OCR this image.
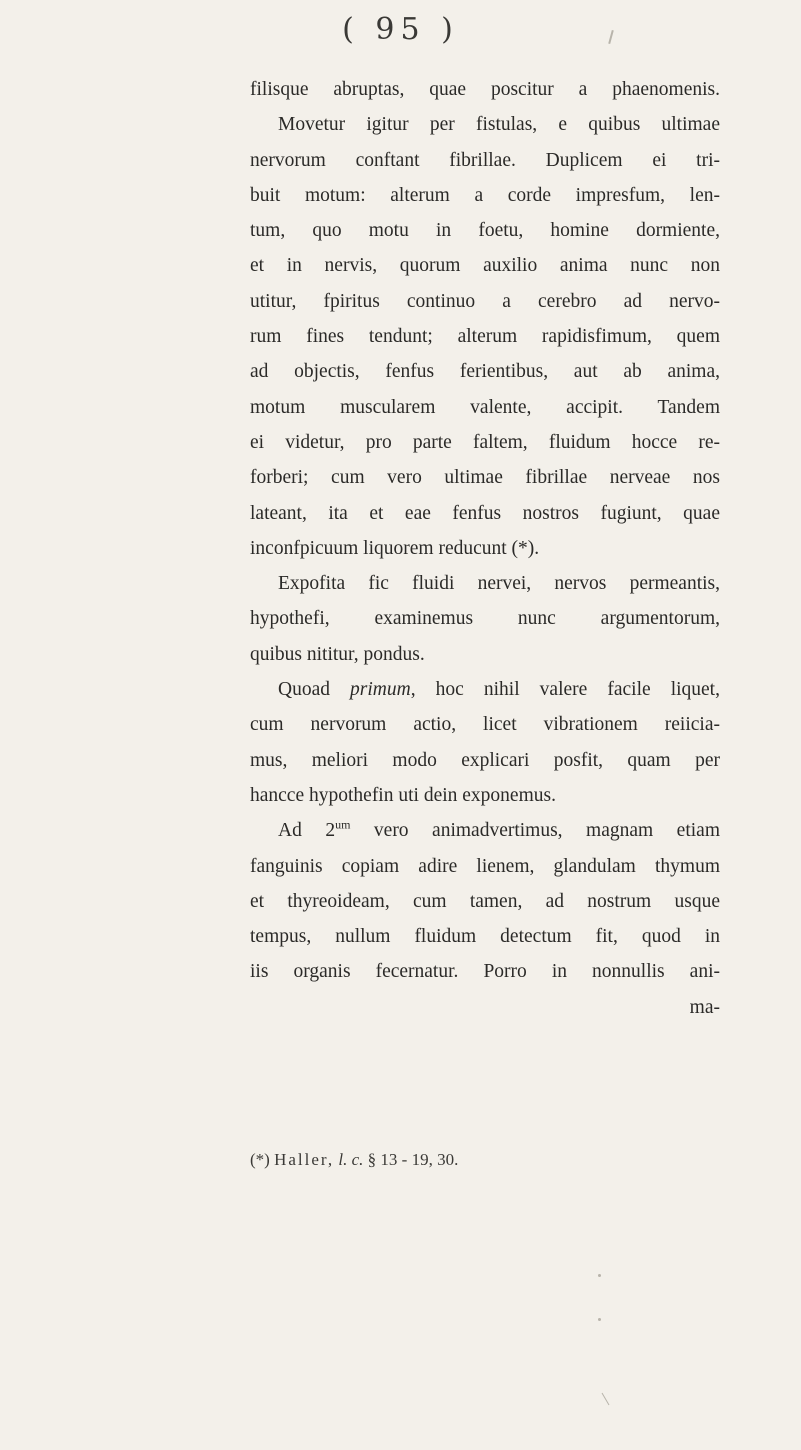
( 95 )
filisque abruptas, quae poscitur a phaenomenis.
Movetur igitur per fistulas, e quibus ultimae
nervorum conftant fibrillae. Duplicem ei tri-
buit motum: alterum a corde impresfum, len-
tum, quo motu in foetu, homine dormiente,
et in nervis, quorum auxilio anima nunc non
utitur, fpiritus continuo a cerebro ad nervo-
rum fines tendunt; alterum rapidisfimum, quem
ad objectis, fenfus ferientibus, aut ab anima,
motum muscularem valente, accipit. Tandem
ei videtur, pro parte faltem, fluidum hocce re-
forberi; cum vero ultimae fibrillae nerveae nos
lateant, ita et eae fenfus nostros fugiunt, quae
inconfpicuum liquorem reducunt (*).
Expofita fic fluidi nervei, nervos permeantis,
hypothefi, examinemus nunc argumentorum,
quibus nititur, pondus.
Quoad primum, hoc nihil valere facile liquet,
cum nervorum actio, licet vibrationem reiicia-
mus, meliori modo explicari posfit, quam per
hancce hypothefin uti dein exponemus.
Ad $2^{um}$ vero animadvertimus, magnam etiam
fanguinis copiam adire lienem, glandulam thymum
et thyreoideam, cum tamen, ad nostrum usque
tempus, nullum fluidum detectum fit, quod in
iis organis fecernatur. Porro in nonnullis ani-
ma-
(*) Haller, l. c. § 13 - 19, 30.
